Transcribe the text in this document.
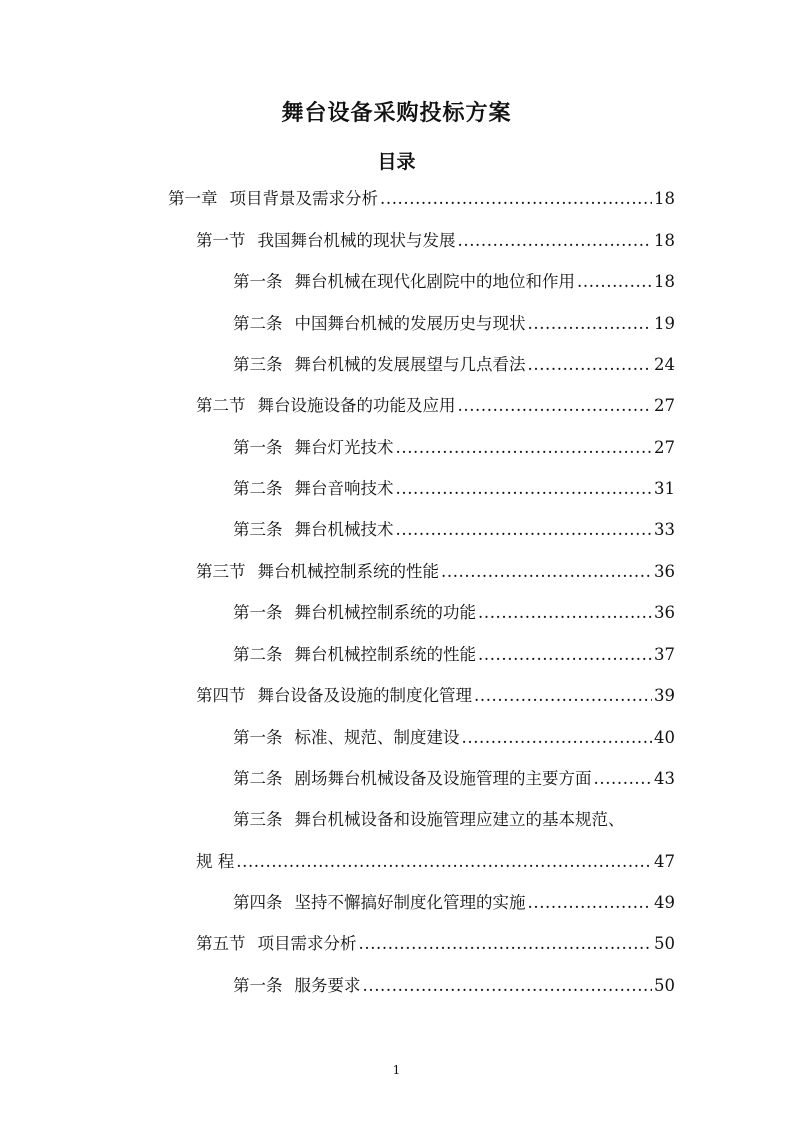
舞台设备采购投标方案
目录
第一章 项目背景及需求分析 .....	18
第一节 我国舞台机械的现状与发展 .....	18
第一条 舞台机械在现代化剧院中的地位和作用 .....	18
第二条 中国舞台机械的发展历史与现状 .....	19
第三条 舞台机械的发展展望与几点看法 .....	24
第二节 舞台设施设备的功能及应用 .....	27
第一条 舞台灯光技术 .....	27
第二条 舞台音响技术 .....	31
第三条 舞台机械技术 .....	33
第三节 舞台机械控制系统的性能 .....	36
第一条 舞台机械控制系统的功能 .....	36
第二条 舞台机械控制系统的性能 .....	37
第四节 舞台设备及设施的制度化管理 .....	39
第一条 标准、规范、制度建设 .....	40
第二条 剧场舞台机械设备及设施管理的主要方面 .....	43
第三条 舞台机械设备和设施管理应建立的基本规范、
规 程 .....	47
第四条 坚持不懈搞好制度化管理的实施 .....	49
第五节 项目需求分析 .....	50
第一条 服务要求 .....	50
1
